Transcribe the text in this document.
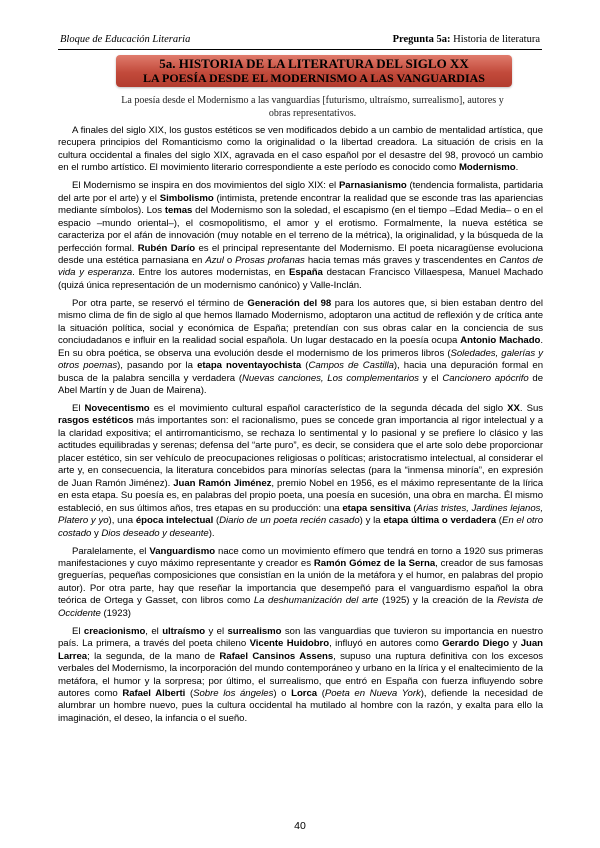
Bloque de Educación Literaria	Pregunta 5a: Historia de literatura
5a. HISTORIA DE LA LITERATURA DEL SIGLO XX
LA POESÍA DESDE EL MODERNISMO A LAS VANGUARDIAS
La poesía desde el Modernismo a las vanguardias [futurismo, ultraísmo, surrealismo], autores y obras representativos.

A finales del siglo XIX, los gustos estéticos se ven modificados debido a un cambio de mentalidad artística, que recupera principios del Romanticismo como la originalidad o la libertad creadora. La situación de crisis en la cultura occidental a finales del siglo XIX, agravada en el caso español por el desastre del 98, provocó un cambio en el rumbo artístico. El movimiento literario correspondiente a este período es conocido como Modernismo.

El Modernismo se inspira en dos movimientos del siglo XIX: el Parnasianismo (tendencia formalista, partidaria del arte por el arte) y el Simbolismo (intimista, pretende encontrar la realidad que se esconde tras las apariencias mediante símbolos). Los temas del Modernismo son la soledad, el escapismo (en el tiempo –Edad Media– o en el espacio –mundo oriental–), el cosmopolitismo, el amor y el erotismo. Formalmente, la nueva estética se caracteriza por el afán de innovación (muy notable en el terreno de la métrica), la originalidad, y la búsqueda de la perfección formal. Rubén Darío es el principal representante del Modernismo. El poeta nicaragüense evoluciona desde una estética parnasiana en Azul o Prosas profanas hacia temas más graves y trascendentes en Cantos de vida y esperanza. Entre los autores modernistas, en España destacan Francisco Villaespesa, Manuel Machado (quizá única representación de un modernismo canónico) y Valle-Inclán.

Por otra parte, se reservó el término de Generación del 98 para los autores que, si bien estaban dentro del mismo clima de fin de siglo al que hemos llamado Modernismo, adoptaron una actitud de reflexión y de crítica ante la situación política, social y económica de España; pretendían con sus obras calar en la conciencia de sus conciudadanos e influir en la realidad social española. Un lugar destacado en la poesía ocupa Antonio Machado. En su obra poética, se observa una evolución desde el modernismo de los primeros libros (Soledades, galerías y otros poemas), pasando por la etapa noventayochista (Campos de Castilla), hacia una depuración formal en busca de la palabra sencilla y verdadera (Nuevas canciones, Los complementarios y el Cancionero apócrifo de Abel Martín y de Juan de Mairena).

El Novecentismo es el movimiento cultural español característico de la segunda década del siglo XX. Sus rasgos estéticos más importantes son: el racionalismo, pues se concede gran importancia al rigor intelectual y a la claridad expositiva; el antirromanticismo, se rechaza lo sentimental y lo pasional y se prefiere lo clásico y las actitudes equilibradas y serenas; defensa del “arte puro”, es decir, se considera que el arte solo debe proporcionar placer estético, sin ser vehículo de preocupaciones religiosas o políticas; aristocratismo intelectual, al considerar el arte y, en consecuencia, la literatura concebidos para minorías selectas (para la “inmensa minoría”, en expresión de Juan Ramón Jiménez). Juan Ramón Jiménez, premio Nobel en 1956, es el máximo representante de la lírica en esta etapa. Su poesía es, en palabras del propio poeta, una poesía en sucesión, una obra en marcha. Él mismo estableció, en sus últimos años, tres etapas en su producción: una etapa sensitiva (Arias tristes, Jardines lejanos, Platero y yo), una época intelectual (Diario de un poeta recién casado) y la etapa última o verdadera (En el otro costado y Dios deseado y deseante).

Paralelamente, el Vanguardismo nace como un movimiento efímero que tendrá en torno a 1920 sus primeras manifestaciones y cuyo máximo representante y creador es Ramón Gómez de la Serna, creador de sus famosas greguerías, pequeñas composiciones que consistían en la unión de la metáfora y el humor, en palabras del propio autor). Por otra parte, hay que reseñar la importancia que desempeñó para el vanguardismo español la obra teórica de Ortega y Gasset, con libros como La deshumanización del arte (1925) y la creación de la Revista de Occidente (1923)

El creacionismo, el ultraísmo y el surrealismo son las vanguardias que tuvieron su importancia en nuestro país. La primera, a través del poeta chileno Vicente Huidobro, influyó en autores como Gerardo Diego y Juan Larrea; la segunda, de la mano de Rafael Cansinos Assens, supuso una ruptura definitiva con los excesos verbales del Modernismo, la incorporación del mundo contemporáneo y urbano en la lírica y el enaltecimiento de la metáfora, el humor y la sorpresa; por último, el surrealismo, que entró en España con fuerza influyendo sobre autores como Rafael Alberti (Sobre los ángeles) o Lorca (Poeta en Nueva York), defiende la necesidad de alumbrar un hombre nuevo, pues la cultura occidental ha mutilado al hombre con la razón, y exalta para ello la imaginación, el deseo, la infancia o el sueño.

40
